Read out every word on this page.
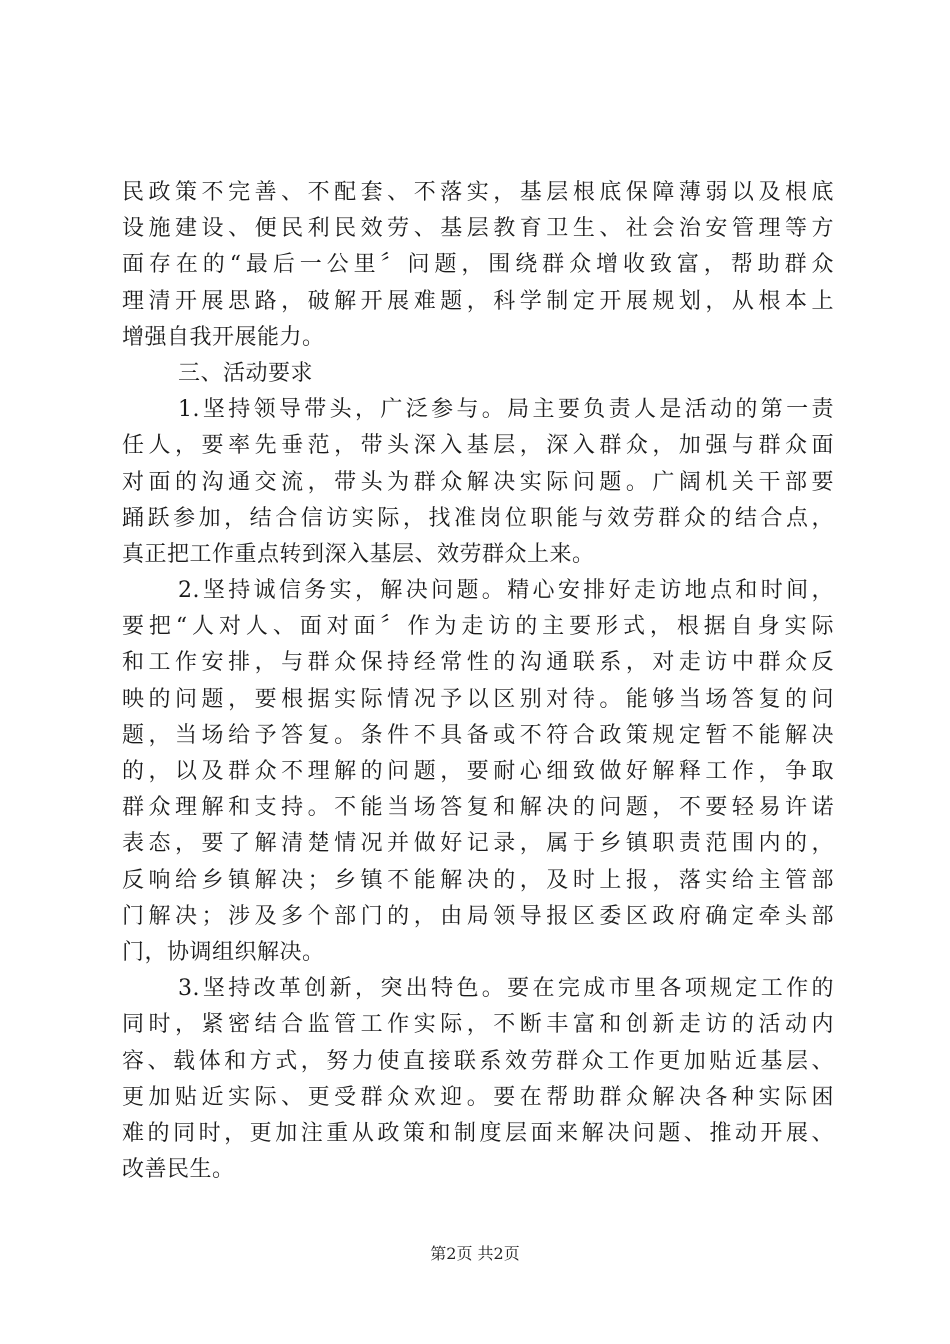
民政策不完善、不配套、不落实，基层根底保障薄弱以及根底
设施建设、便民利民效劳、基层教育卫生、社会治安管理等方
面存在的“最后一公里〞问题，围绕群众增收致富，帮助群众
理清开展思路，破解开展难题，科学制定开展规划，从根本上
增强自我开展能力。
三、活动要求
1.坚持领导带头，广泛参与。局主要负责人是活动的第一责
任人，要率先垂范，带头深入基层，深入群众，加强与群众面
对面的沟通交流，带头为群众解决实际问题。广阔机关干部要
踊跃参加，结合信访实际，找准岗位职能与效劳群众的结合点，
真正把工作重点转到深入基层、效劳群众上来。
2.坚持诚信务实，解决问题。精心安排好走访地点和时间，
要把“人对人、面对面〞作为走访的主要形式，根据自身实际
和工作安排，与群众保持经常性的沟通联系，对走访中群众反
映的问题，要根据实际情况予以区别对待。能够当场答复的问
题，当场给予答复。条件不具备或不符合政策规定暂不能解决
的，以及群众不理解的问题，要耐心细致做好解释工作，争取
群众理解和支持。不能当场答复和解决的问题，不要轻易许诺
表态，要了解清楚情况并做好记录，属于乡镇职责范围内的，
反响给乡镇解决；乡镇不能解决的，及时上报，落实给主管部
门解决；涉及多个部门的，由局领导报区委区政府确定牵头部
门，协调组织解决。
3.坚持改革创新，突出特色。要在完成市里各项规定工作的
同时，紧密结合监管工作实际，不断丰富和创新走访的活动内
容、载体和方式，努力使直接联系效劳群众工作更加贴近基层、
更加贴近实际、更受群众欢迎。要在帮助群众解决各种实际困
难的同时，更加注重从政策和制度层面来解决问题、推动开展、
改善民生。
第2页 共2页
